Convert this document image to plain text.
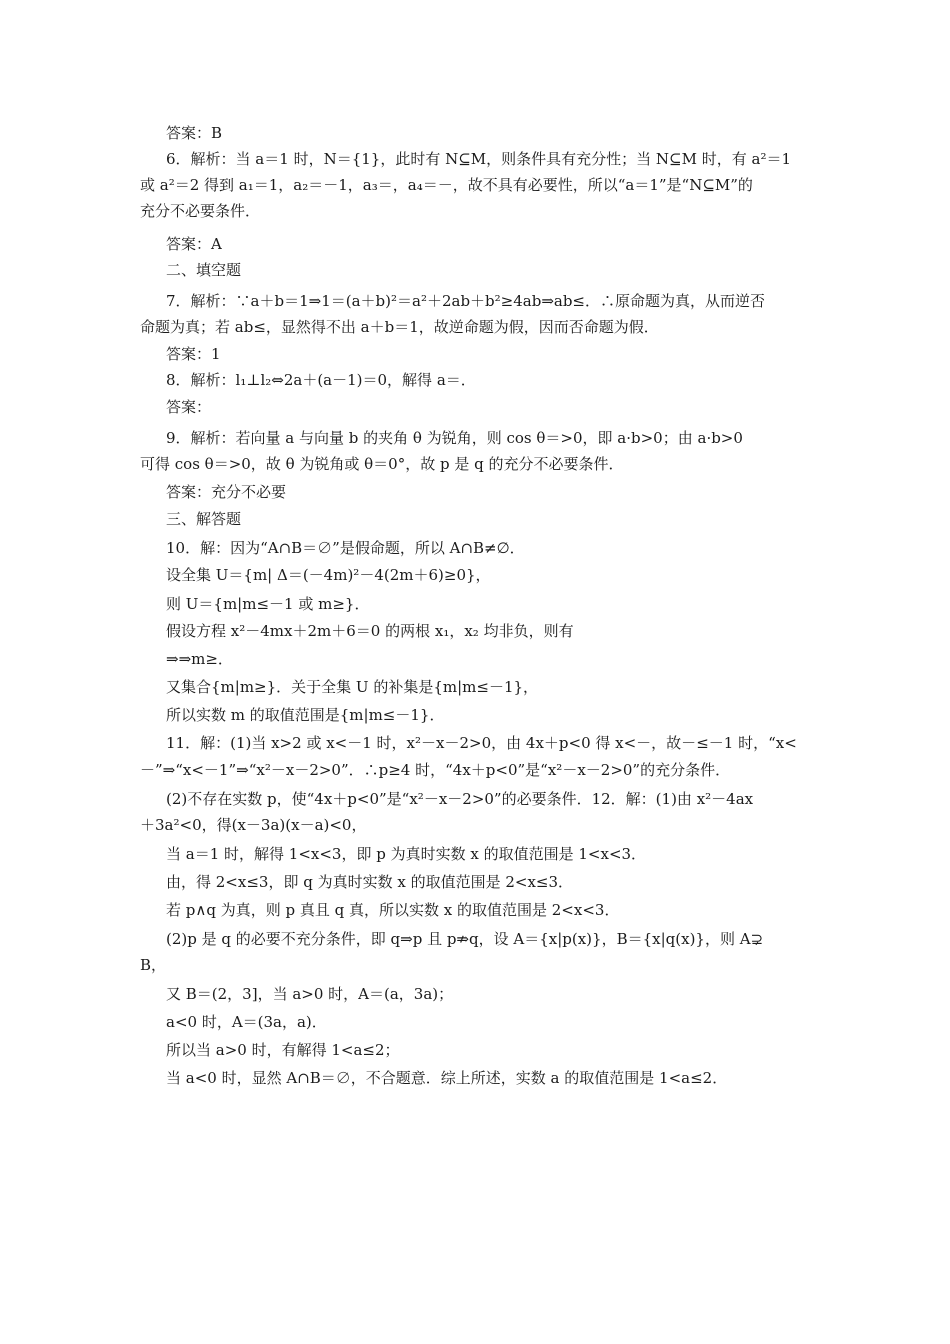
答案：B
6．解析：当 a＝1 时，N＝{1}，此时有 N⊆M，则条件具有充分性；当 N⊆M 时，有 a²＝1
或 a²＝2 得到 a₁＝1，a₂＝－1，a₃＝，a₄＝－，故不具有必要性，所以“a＝1”是“N⊆M”的
充分不必要条件．
答案：A
二、填空题
7．解析：∵a＋b＝1⇒1＝(a＋b)²＝a²＋2ab＋b²≥4ab⇒ab≤．∴原命题为真，从而逆否
命题为真；若 ab≤，显然得不出 a＋b＝1，故逆命题为假，因而否命题为假．
答案：1
8．解析：l₁⊥l₂⇔2a＋(a－1)＝0，解得 a＝．
答案：
9．解析：若向量 a 与向量 b 的夹角 θ 为锐角，则 cos θ＝>0，即 a·b>0；由 a·b>0
可得 cos θ＝>0，故 θ 为锐角或 θ＝0°，故 p 是 q 的充分不必要条件．
答案：充分不必要
三、解答题
10．解：因为“A∩B＝∅”是假命题，所以 A∩B≠∅．
设全集 U＝{m| Δ＝(－4m)²－4(2m＋6)≥0}，
则 U＝{m|m≤－1 或 m≥}．
假设方程 x²－4mx＋2m＋6＝0 的两根 x₁，x₂ 均非负，则有
⇒⇒m≥．
又集合{m|m≥}．关于全集 U 的补集是{m|m≤－1}，
所以实数 m 的取值范围是{m|m≤－1}．
11．解：(1)当 x>2 或 x<－1 时，x²－x－2>0，由 4x＋p<0 得 x<－，故－≤－1 时，“x<
－”⇒“x<－1”⇒“x²－x－2>0”．∴p≥4 时，“4x＋p<0”是“x²－x－2>0”的充分条件．
(2)不存在实数 p，使“4x＋p<0”是“x²－x－2>0”的必要条件．12．解：(1)由 x²－4ax
＋3a²<0，得(x－3a)(x－a)<0，
当 a＝1 时，解得 1<x<3，即 p 为真时实数 x 的取值范围是 1<x<3．
由，得 2<x≤3，即 q 为真时实数 x 的取值范围是 2<x≤3．
若 p∧q 为真，则 p 真且 q 真，所以实数 x 的取值范围是 2<x<3．
(2)p 是 q 的必要不充分条件，即 q⇒p 且 p⇏q，设 A＝{x|p(x)}，B＝{x|q(x)}，则 A⊋
B，
又 B＝(2，3]，当 a>0 时，A＝(a，3a)；
a<0 时，A＝(3a，a)．
所以当 a>0 时，有解得 1<a≤2；
当 a<0 时，显然 A∩B＝∅，不合题意．综上所述，实数 a 的取值范围是 1<a≤2．
